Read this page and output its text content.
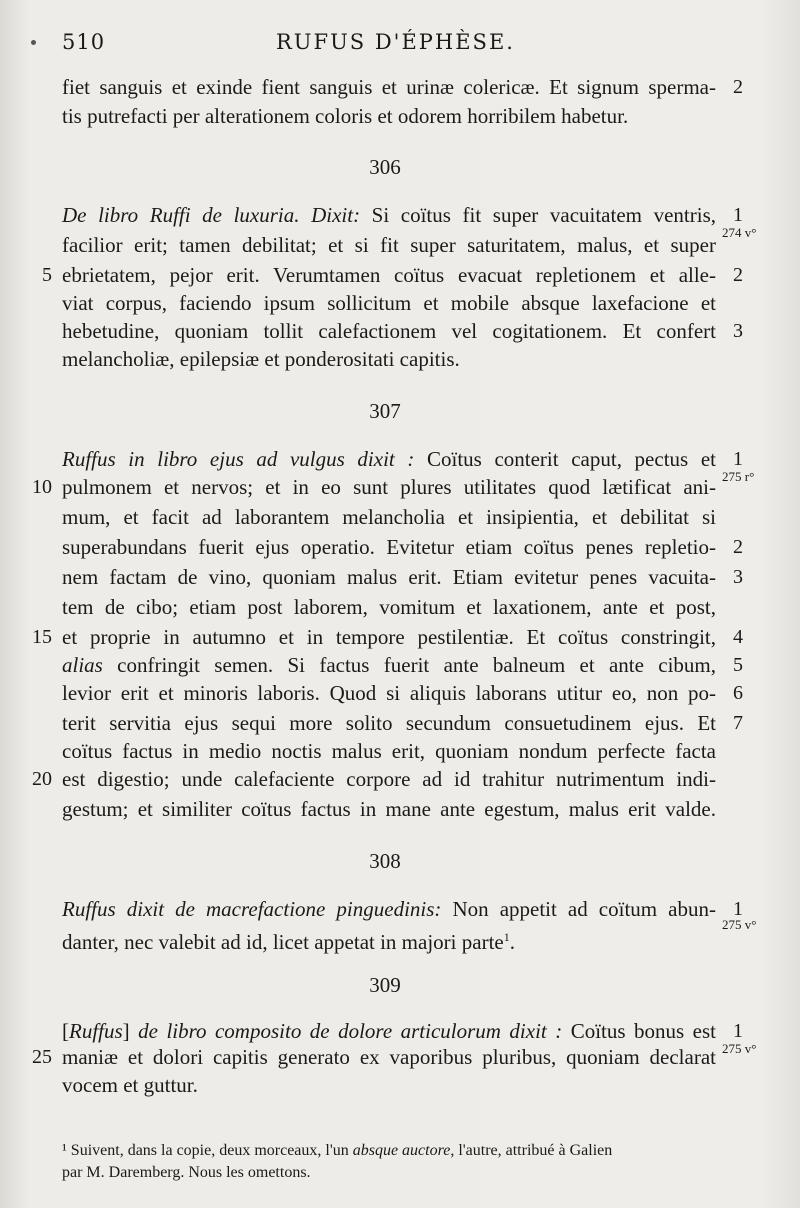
510	RUFUS D'ÉPHÈSE.
fiet sanguis et exinde fient sanguis et urinæ colericæ. Et signum sperma- 2
tis putrefacti per alterationem coloris et odorem horribilem habetur.
306
De libro Ruffi de luxuria. Dixit: Si coïtus fit super vacuitatem ventris, 1
facilior erit; tamen debilitat; et si fit super saturitatem, malus, et super
274 v°
5 ebrietatem, pejor erit. Verumtamen coïtus evacuat repletionem et alle- 2
viat corpus, faciendo ipsum sollicitum et mobile absque laxefacione et
hebetudine, quoniam tollit calefactionem vel cogitationem. Et confert 3
melancholiæ, epilepsiæ et ponderositati capitis.
307
Ruffus in libro ejus ad vulgus dixit : Coïtus conterit caput, pectus et 1
10 pulmonem et nervos; et in eo sunt plures utilitates quod lætificat ani- 275 r°
mum, et facit ad laborantem melancholia et insipientia, et debilitat si
superabundans fuerit ejus operatio. Evitetur etiam coïtus penes repletio- 2
nem factam de vino, quoniam malus erit. Etiam evitetur penes vacuita- 3
tem de cibo; etiam post laborem, vomitum et laxationem, ante et post,
15 et proprie in autumno et in tempore pestilentiæ. Et coïtus constringit, 4
alias confringit semen. Si factus fuerit ante balneum et ante cibum, 5
levior erit et minoris laboris. Quod si aliquis laborans utitur eo, non po- 6
terit servitia ejus sequi more solito secundum consuetudinem ejus. Et 7
coïtus factus in medio noctis malus erit, quoniam nondum perfecte facta
20 est digestio; unde calefaciente corpore ad id trahitur nutrimentum indi-
gestum; et similiter coïtus factus in mane ante egestum, malus erit valde.
308
Ruffus dixit de macrefactione pinguedinis: Non appetit ad coïtum abun- 1
danter, nec valebit ad id, licet appetat in majori parte$^1$.
275 v°
309
[Ruffus] de libro composito de dolore articulorum dixit : Coïtus bonus est 1
25 maniæ et dolori capitis generato ex vaporibus pluribus, quoniam declarat 275 v°
vocem et guttur.
¹ Suivent, dans la copie, deux morceaux, l'un absque auctore, l'autre, attribué à Galien
par M. Daremberg. Nous les omettons.
